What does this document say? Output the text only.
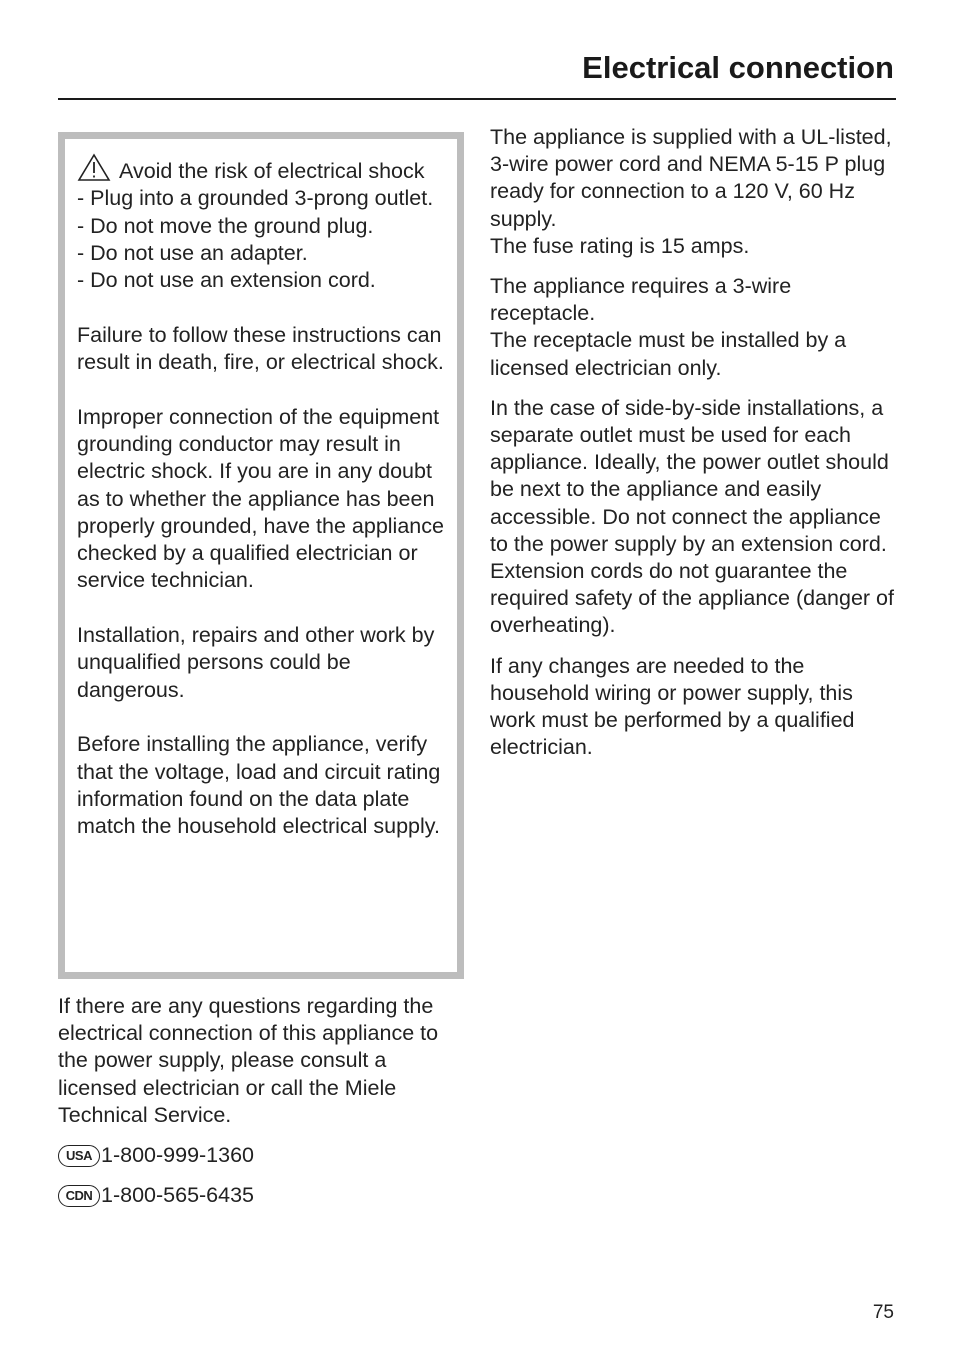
Electrical connection

Avoid the risk of electrical shock

- Plug into a grounded 3-prong outlet.

- Do not move the ground plug.

- Do not use an adapter.

- Do not use an extension cord.

Failure to follow these instructions can result in death, fire, or electrical shock.

Improper connection of the equipment grounding conductor may result in electric shock. If you are in any doubt as to whether the appliance has been properly grounded, have the appliance checked by a qualified electrician or service technician.

Installation, repairs and other work by unqualified persons could be dangerous.

Before installing the appliance, verify that the voltage, load and circuit rating information found on the data plate match the household electrical supply.

If there are any questions regarding the electrical connection of this appliance to the power supply, please consult a licensed electrician or call the Miele Technical Service.

USA 1-800-999-1360
CDN 1-800-565-6435

The appliance is supplied with a UL-listed, 3-wire power cord and NEMA 5-15 P plug ready for connection to a 120 V, 60 Hz supply.

The fuse rating is 15 amps.

The appliance requires a 3-wire receptacle.

The receptacle must be installed by a licensed electrician only.

In the case of side-by-side installations, a separate outlet must be used for each appliance. Ideally, the power outlet should be next to the appliance and easily accessible. Do not connect the appliance to the power supply by an extension cord. Extension cords do not guarantee the required safety of the appliance (danger of overheating).

If any changes are needed to the household wiring or power supply, this work must be performed by a qualified electrician.

75
